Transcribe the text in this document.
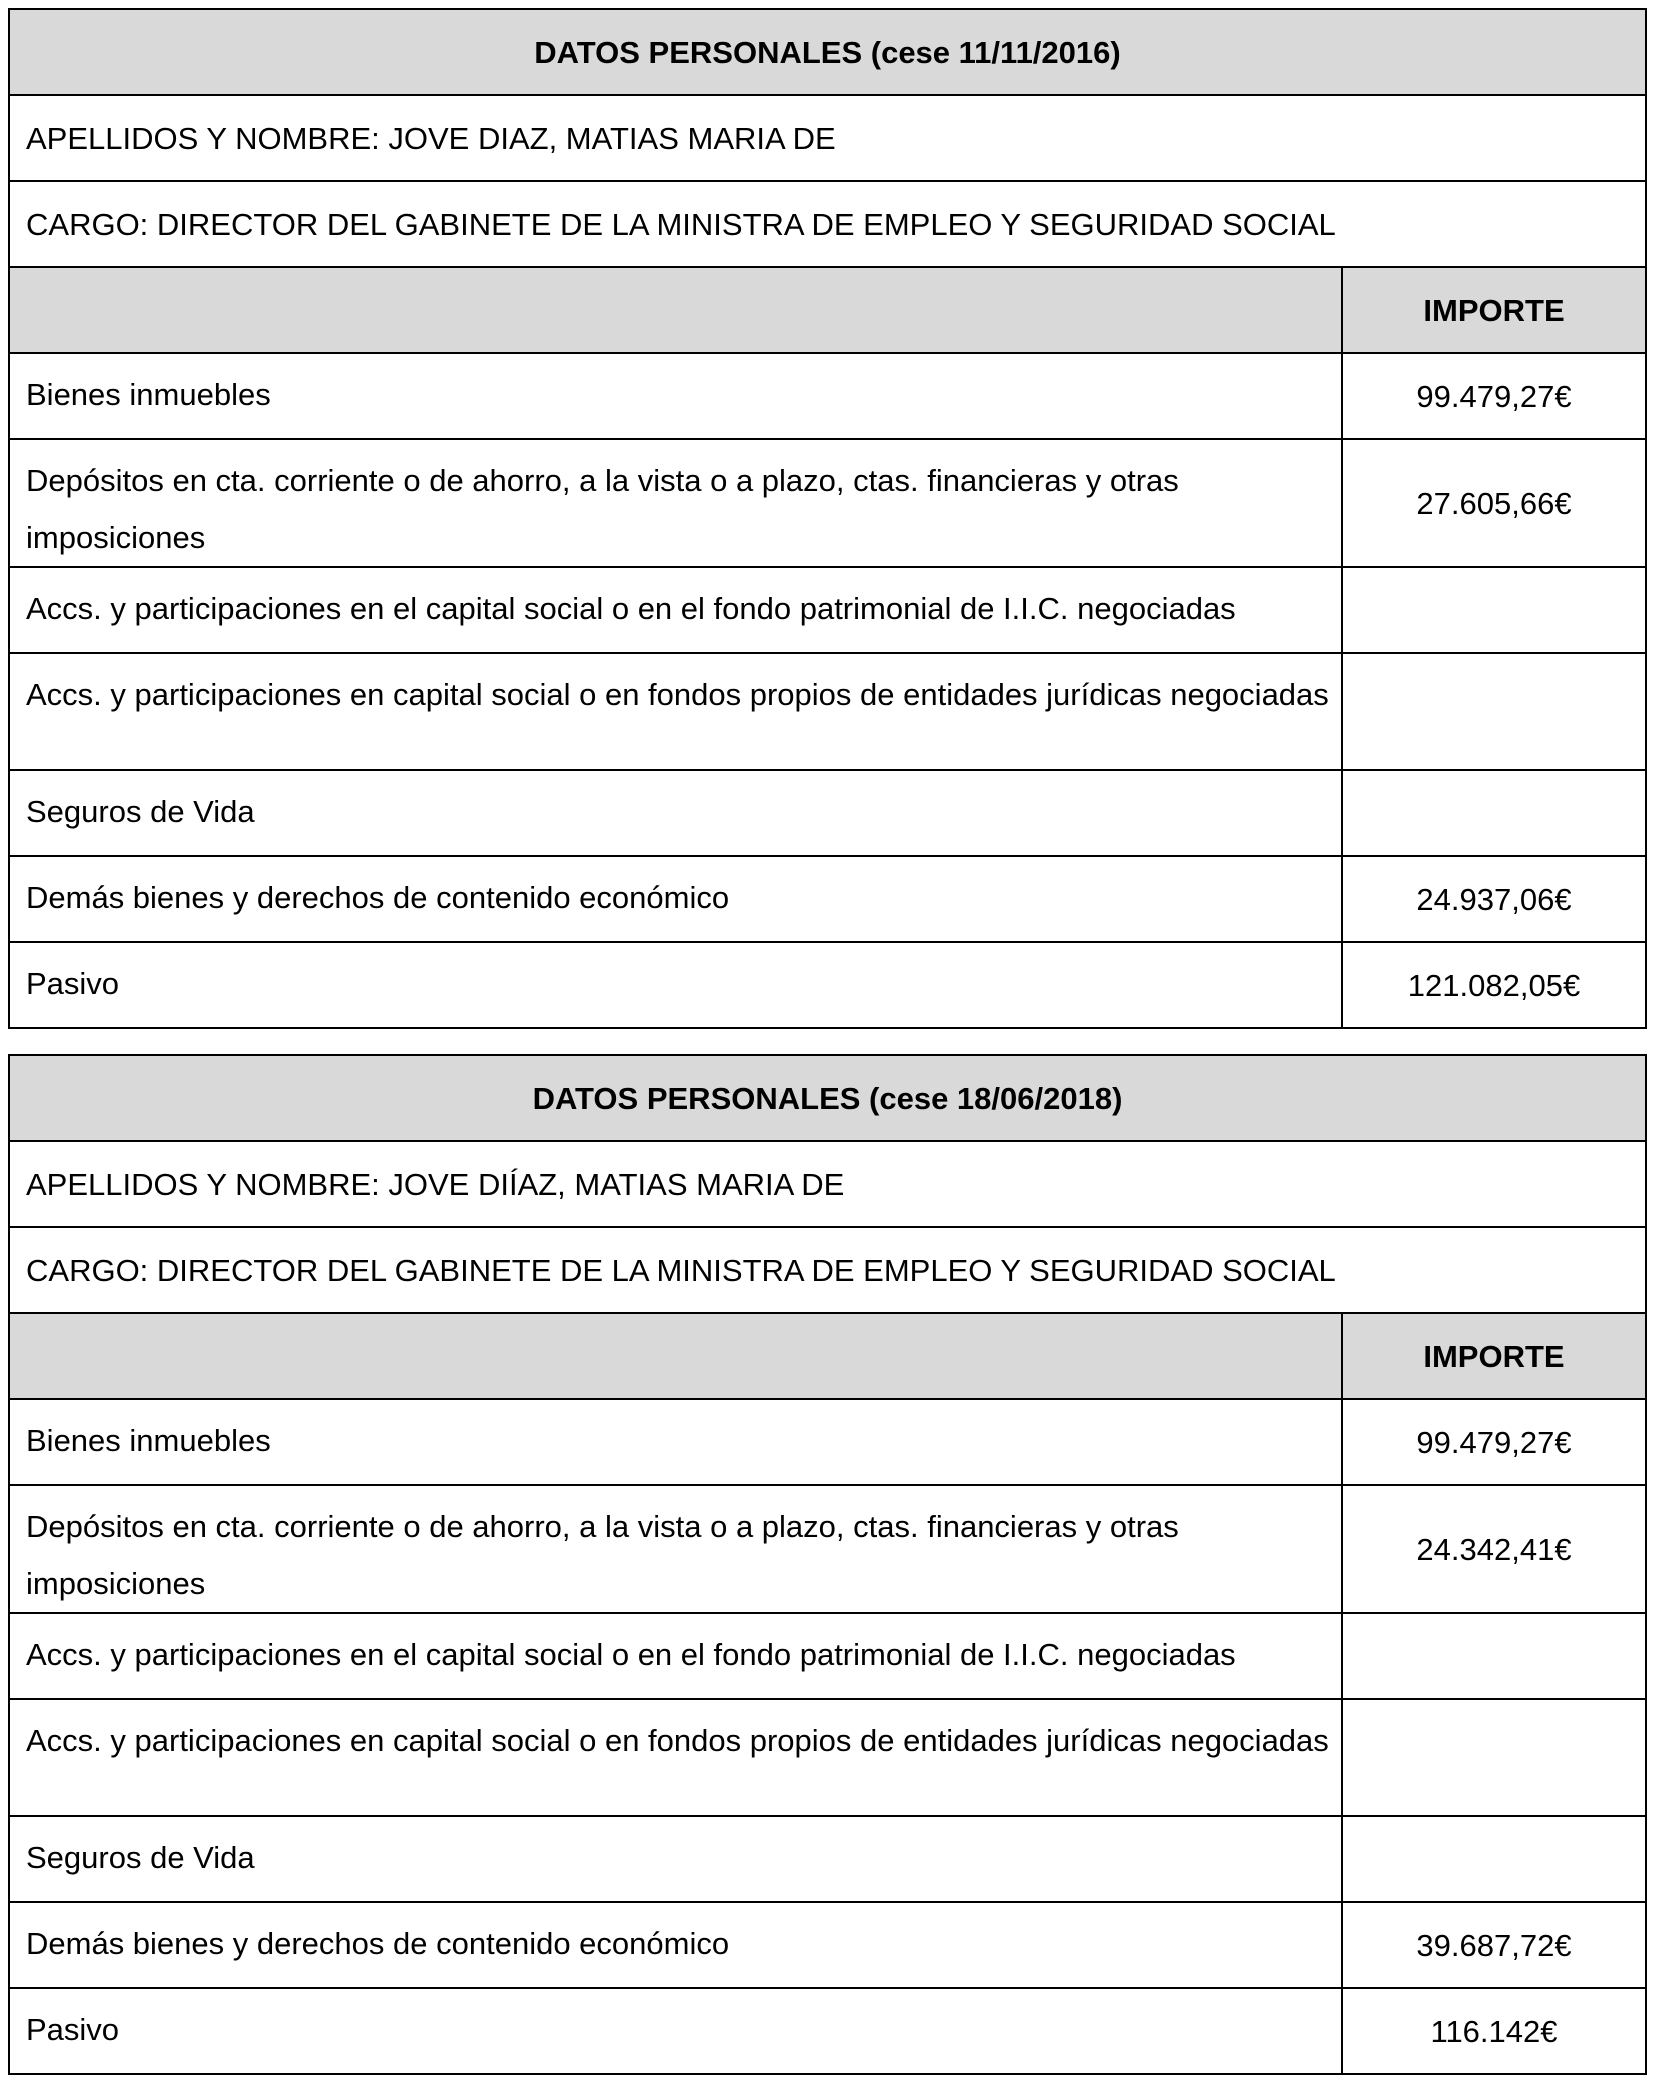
DATOS PERSONALES (cese 11/11/2016)	
APELLIDOS Y NOMBRE: JOVE DIAZ, MATIAS MARIA DE	
CARGO: DIRECTOR DEL GABINETE DE LA MINISTRA DE EMPLEO Y SEGURIDAD SOCIAL	
	IMPORTE
Bienes inmuebles	99.479,27€
Depósitos en cta. corriente o de ahorro, a la vista o a plazo, ctas. financieras y otras imposiciones	27.605,66€
Accs. y participaciones en el capital social o en el fondo patrimonial de I.I.C. negociadas	
Accs. y participaciones en capital social o en fondos propios de entidades jurídicas negociadas	
Seguros de Vida	
Demás bienes y derechos de contenido económico	24.937,06€
Pasivo	121.082,05€
DATOS PERSONALES (cese 18/06/2018)	
APELLIDOS Y NOMBRE: JOVE DIÍAZ, MATIAS MARIA DE	
CARGO: DIRECTOR DEL GABINETE DE LA MINISTRA DE EMPLEO Y SEGURIDAD SOCIAL	
	IMPORTE
Bienes inmuebles	99.479,27€
Depósitos en cta. corriente o de ahorro, a la vista o a plazo, ctas. financieras y otras imposiciones	24.342,41€
Accs. y participaciones en el capital social o en el fondo patrimonial de I.I.C. negociadas	
Accs. y participaciones en capital social o en fondos propios de entidades jurídicas negociadas	
Seguros de Vida	
Demás bienes y derechos de contenido económico	39.687,72€
Pasivo	116.142€
